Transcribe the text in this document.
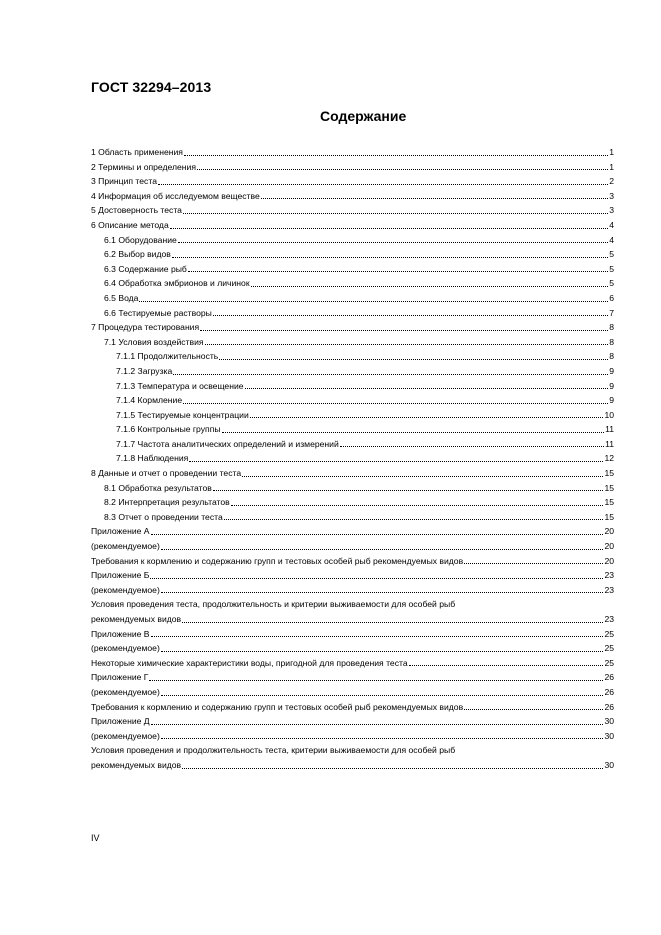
ГОСТ 32294–2013
Содержание
1 Область применения	1
2 Термины и определения	1
3 Принцип теста	2
4 Информация об исследуемом веществе	3
5 Достоверность теста	3
6 Описание метода	4
6.1 Оборудование	4
6.2 Выбор видов	5
6.3 Содержание рыб	5
6.4 Обработка эмбрионов и личинок	5
6.5 Вода	6
6.6 Тестируемые растворы	7
7 Процедура тестирования	8
7.1 Условия воздействия	8
7.1.1 Продолжительность	8
7.1.2 Загрузка	9
7.1.3 Температура и освещение	9
7.1.4 Кормление	9
7.1.5 Тестируемые концентрации	10
7.1.6 Контрольные группы	11
7.1.7 Частота аналитических определений и измерений	11
7.1.8 Наблюдения	12
8 Данные и отчет о проведении теста	15
8.1 Обработка результатов	15
8.2 Интерпретация результатов	15
8.3 Отчет о проведении теста	15
Приложение А	20
(рекомендуемое)	20
Требования к кормлению и содержанию групп и тестовых особей рыб рекомендуемых видов	20
Приложение Б	23
(рекомендуемое)	23
Условия проведения теста, продолжительность и критерии выживаемости для особей рыб
рекомендуемых видов	23
Приложение В	25
(рекомендуемое)	25
Некоторые химические характеристики воды, пригодной для проведения теста	25
Приложение Г	26
(рекомендуемое)	26
Требования к кормлению и содержанию групп и тестовых особей рыб рекомендуемых видов	26
Приложение Д	30
(рекомендуемое)	30
Условия проведения и продолжительность теста, критерии выживаемости для особей рыб
рекомендуемых видов	30
IV
